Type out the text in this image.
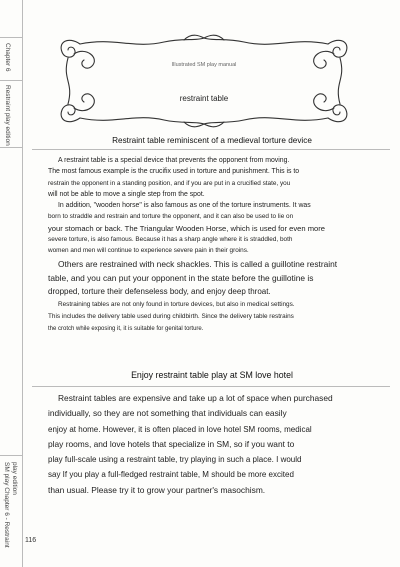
Chapter 6
Restraint play edition
SM play Chapter 6 - Restraint play edition
116
Illustrated SM play manual
restraint table
Restraint table reminiscent of a medieval torture device

A restraint table is a special device that prevents the opponent from moving.

The most famous example is the crucifix used in torture and punishment. This is to

restrain the opponent in a standing position, and if you are put in a crucified state, you

will not be able to move a single step from the spot.

In addition, "wooden horse" is also famous as one of the torture instruments. It was

born to straddle and restrain and torture the opponent, and it can also be used to lie on

your stomach or back. The Triangular Wooden Horse, which is used for even more

severe torture, is also famous. Because it has a sharp angle where it is straddled, both

women and men will continue to experience severe pain in their groins.

Others are restrained with neck shackles. This is called a guillotine restraint

table, and you can put your opponent in the state before the guillotine is

dropped, torture their defenseless body, and enjoy deep throat.

Restraining tables are not only found in torture devices, but also in medical settings.

This includes the delivery table used during childbirth. Since the delivery table restrains

the crotch while exposing it, it is suitable for genital torture.

Enjoy restraint table play at SM love hotel

Restraint tables are expensive and take up a lot of space when purchased

individually, so they are not something that individuals can easily

enjoy at home. However, it is often placed in love hotel SM rooms, medical

play rooms, and love hotels that specialize in SM, so if you want to

play full-scale using a restraint table, try playing in such a place. I would

say If you play a full-fledged restraint table, M should be more excited

than usual. Please try it to grow your partner's masochism.
